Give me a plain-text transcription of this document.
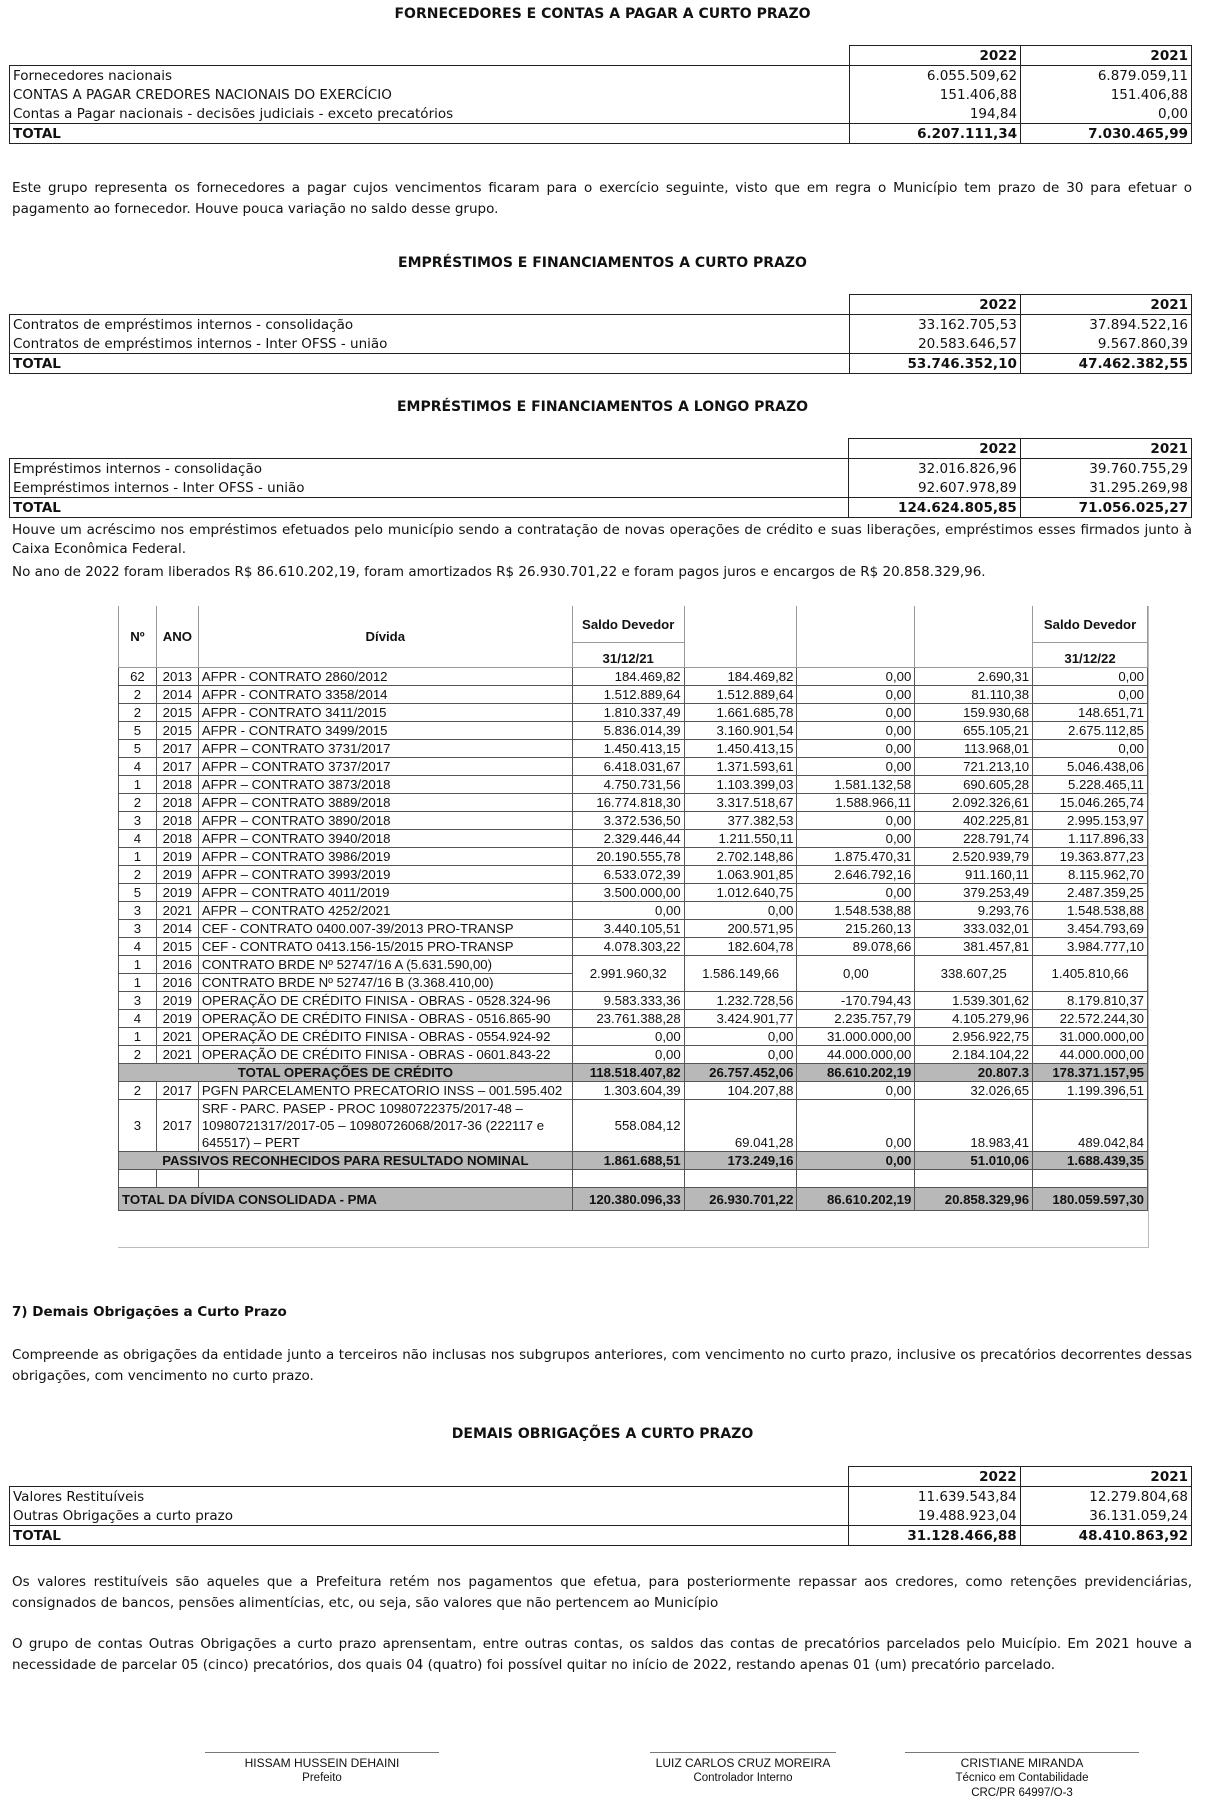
FORNECEDORES E CONTAS A PAGAR A CURTO PRAZO
	2022	2021
Fornecedores nacionais	6.055.509,62	6.879.059,11
CONTAS A PAGAR CREDORES NACIONAIS DO EXERCÍCIO	151.406,88	151.406,88
Contas a Pagar nacionais - decisões judiciais - exceto precatórios	194,84	0,00
TOTAL	6.207.111,34	7.030.465,99
Este grupo representa os fornecedores a pagar cujos vencimentos ficaram para o exercício seguinte, visto que em regra o Município tem prazo de 30 para efetuar o pagamento ao fornecedor. Houve pouca variação no saldo desse grupo.
EMPRÉSTIMOS E FINANCIAMENTOS A CURTO PRAZO
	2022	2021
Contratos de empréstimos internos - consolidação	33.162.705,53	37.894.522,16
Contratos de empréstimos internos - Inter OFSS - união	20.583.646,57	9.567.860,39
TOTAL	53.746.352,10	47.462.382,55
EMPRÉSTIMOS E FINANCIAMENTOS A LONGO PRAZO
	2022	2021
Empréstimos internos - consolidação	32.016.826,96	39.760.755,29
Eempréstimos internos - Inter OFSS - união	92.607.978,89	31.295.269,98
TOTAL	124.624.805,85	71.056.025,27
Houve um acréscimo nos empréstimos efetuados pelo município sendo a contratação de novas operações de crédito e suas liberações, empréstimos esses firmados junto à Caixa Econômica Federal.
No ano de 2022 foram liberados R$ 86.610.202,19, foram amortizados R$ 26.930.701,22 e foram pagos juros e encargos de R$ 20.858.329,96.
Nº	ANO	Dívida	Saldo Devedor				Saldo Devedor
			31/12/21				31/12/22
62	2013	AFPR - CONTRATO 2860/2012	184.469,82	184.469,82	0,00	2.690,31	0,00
2	2014	AFPR - CONTRATO 3358/2014	1.512.889,64	1.512.889,64	0,00	81.110,38	0,00
2	2015	AFPR - CONTRATO 3411/2015	1.810.337,49	1.661.685,78	0,00	159.930,68	148.651,71
5	2015	AFPR - CONTRATO 3499/2015	5.836.014,39	3.160.901,54	0,00	655.105,21	2.675.112,85
5	2017	AFPR – CONTRATO 3731/2017	1.450.413,15	1.450.413,15	0,00	113.968,01	0,00
4	2017	AFPR – CONTRATO 3737/2017	6.418.031,67	1.371.593,61	0,00	721.213,10	5.046.438,06
1	2018	AFPR – CONTRATO 3873/2018	4.750.731,56	1.103.399,03	1.581.132,58	690.605,28	5.228.465,11
2	2018	AFPR – CONTRATO 3889/2018	16.774.818,30	3.317.518,67	1.588.966,11	2.092.326,61	15.046.265,74
3	2018	AFPR – CONTRATO 3890/2018	3.372.536,50	377.382,53	0,00	402.225,81	2.995.153,97
4	2018	AFPR – CONTRATO 3940/2018	2.329.446,44	1.211.550,11	0,00	228.791,74	1.117.896,33
1	2019	AFPR – CONTRATO 3986/2019	20.190.555,78	2.702.148,86	1.875.470,31	2.520.939,79	19.363.877,23
2	2019	AFPR – CONTRATO 3993/2019	6.533.072,39	1.063.901,85	2.646.792,16	911.160,11	8.115.962,70
5	2019	AFPR – CONTRATO 4011/2019	3.500.000,00	1.012.640,75	0,00	379.253,49	2.487.359,25
3	2021	AFPR – CONTRATO 4252/2021	0,00	0,00	1.548.538,88	9.293,76	1.548.538,88
3	2014	CEF - CONTRATO 0400.007-39/2013 PRO-TRANSP	3.440.105,51	200.571,95	215.260,13	333.032,01	3.454.793,69
4	2015	CEF - CONTRATO 0413.156-15/2015 PRO-TRANSP	4.078.303,22	182.604,78	89.078,66	381.457,81	3.984.777,10
1	2016	CONTRATO BRDE Nº 52747/16 A (5.631.590,00)	2.991.960,32	1.586.149,66	0,00	338.607,25	1.405.810,66
1	2016	CONTRATO BRDE Nº 52747/16 B (3.368.410,00)					
3	2019	OPERAÇÃO DE CRÉDITO FINISA - OBRAS - 0528.324-96	9.583.333,36	1.232.728,56	-170.794,43	1.539.301,62	8.179.810,37
4	2019	OPERAÇÃO DE CRÉDITO FINISA - OBRAS - 0516.865-90	23.761.388,28	3.424.901,77	2.235.757,79	4.105.279,96	22.572.244,30
1	2021	OPERAÇÃO DE CRÉDITO FINISA - OBRAS - 0554.924-92	0,00	0,00	31.000.000,00	2.956.922,75	31.000.000,00
2	2021	OPERAÇÃO DE CRÉDITO FINISA - OBRAS - 0601.843-22	0,00	0,00	44.000.000,00	2.184.104,22	44.000.000,00
TOTAL OPERAÇÕES DE CRÉDITO			118.518.407,82	26.757.452,06	86.610.202,19	20.807.3	178.371.157,95
2	2017	PGFN PARCELAMENTO PRECATORIO INSS – 001.595.402	1.303.604,39	104.207,88	0,00	32.026,65	1.199.396,51
3	2017	SRF - PARC. PASEP - PROC 10980722375/2017-48 – 10980721317/2017-05 – 10980726068/2017-36 (222117 e 645517) – PERT	558.084,12	69.041,28	0,00	18.983,41	489.042,84
PASSIVOS RECONHECIDOS PARA RESULTADO NOMINAL			1.861.688,51	173.249,16	0,00	51.010,06	1.688.439,35

TOTAL DA DÍVIDA CONSOLIDADA - PMA			120.380.096,33	26.930.701,22	86.610.202,19	20.858.329,96	180.059.597,30
7) Demais Obrigações a Curto Prazo
Compreende as obrigações da entidade junto a terceiros não inclusas nos subgrupos anteriores, com vencimento no curto prazo, inclusive os precatórios decorrentes dessas obrigações, com vencimento no curto prazo.
DEMAIS OBRIGAÇÕES A CURTO PRAZO
	2022	2021
Valores Restituíveis	11.639.543,84	12.279.804,68
Outras Obrigações a curto prazo	19.488.923,04	36.131.059,24
TOTAL	31.128.466,88	48.410.863,92
Os valores restituíveis são aqueles que a Prefeitura retém nos pagamentos que efetua, para posteriormente repassar aos credores, como retenções previdenciárias, consignados de bancos, pensões alimentícias, etc, ou seja, são valores que não pertencem ao Município
O grupo de contas Outras Obrigações a curto prazo aprensentam, entre outras contas, os saldos das contas de precatórios parcelados pelo Muicípio. Em 2021 houve a necessidade de parcelar 05 (cinco) precatórios, dos quais 04 (quatro) foi possível quitar no início de 2022, restando apenas 01 (um) precatório parcelado.
HISSAM HUSSEIN DEHAINI
Prefeito
LUIZ CARLOS CRUZ MOREIRA
Controlador Interno
CRISTIANE MIRANDA
Técnico em Contabilidade
CRC/PR 64997/O-3
